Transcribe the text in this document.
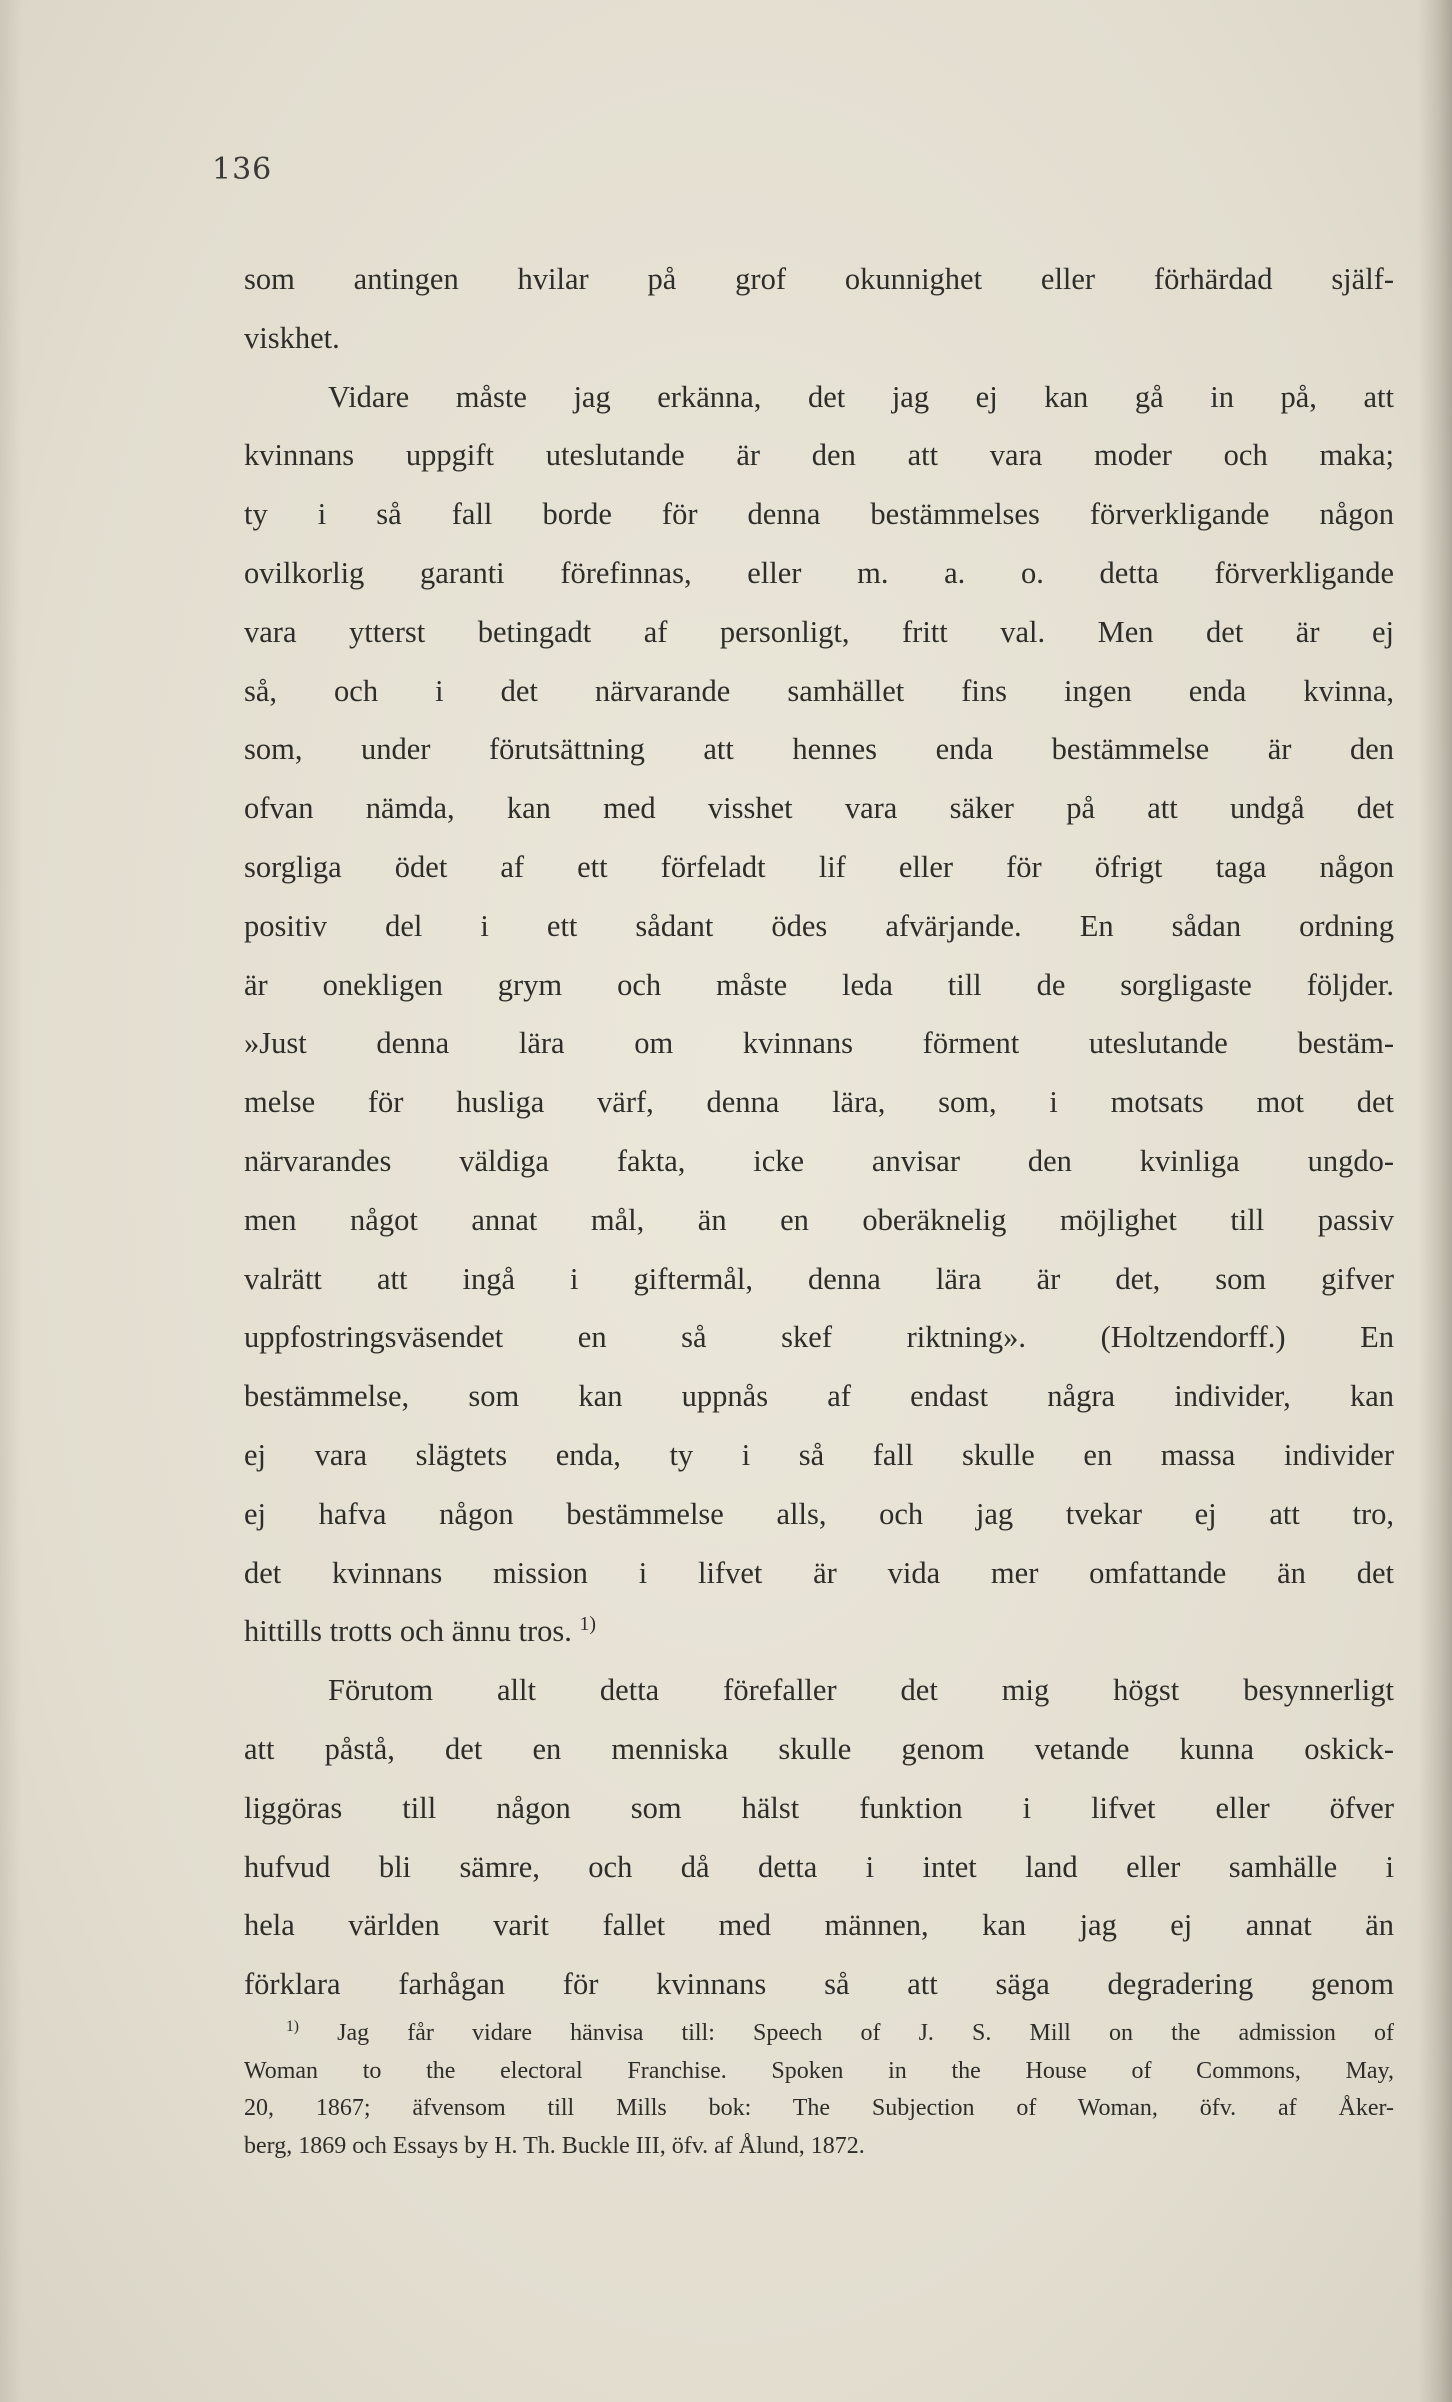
136
som antingen hvilar på grof okunnighet eller förhärdad själf-
viskhet.
Vidare måste jag erkänna, det jag ej kan gå in på, att
kvinnans uppgift uteslutande är den att vara moder och maka;
ty i så fall borde för denna bestämmelses förverkligande någon
ovilkorlig garanti förefinnas, eller m. a. o. detta förverkligande
vara ytterst betingadt af personligt, fritt val. Men det är ej
så, och i det närvarande samhället fins ingen enda kvinna,
som, under förutsättning att hennes enda bestämmelse är den
ofvan nämda, kan med visshet vara säker på att undgå det
sorgliga ödet af ett förfeladt lif eller för öfrigt taga någon
positiv del i ett sådant ödes afvärjande. En sådan ordning
är onekligen grym och måste leda till de sorgligaste följder.
»Just denna lära om kvinnans förment uteslutande bestäm-
melse för husliga värf, denna lära, som, i motsats mot det
närvarandes väldiga fakta, icke anvisar den kvinliga ungdo-
men något annat mål, än en oberäknelig möjlighet till passiv
valrätt att ingå i giftermål, denna lära är det, som gifver
uppfostringsväsendet en så skef riktning». (Holtzendorff.) En
bestämmelse, som kan uppnås af endast några individer, kan
ej vara slägtets enda, ty i så fall skulle en massa individer
ej hafva någon bestämmelse alls, och jag tvekar ej att tro,
det kvinnans mission i lifvet är vida mer omfattande än det
hittills trotts och ännu tros. $^{1)}$
Förutom allt detta förefaller det mig högst besynnerligt
att påstå, det en menniska skulle genom vetande kunna oskick-
liggöras till någon som hälst funktion i lifvet eller öfver
hufvud bli sämre, och då detta i intet land eller samhälle i
hela världen varit fallet med männen, kan jag ej annat än
förklara farhågan för kvinnans så att säga degradering genom
$^{1)}$ Jag får vidare hänvisa till: Speech of J. S. Mill on the admission of
Woman to the electoral Franchise. Spoken in the House of Commons, May,
20, 1867; äfvensom till Mills bok: The Subjection of Woman, öfv. af Åker-
berg, 1869 och Essays by H. Th. Buckle III, öfv. af Ålund, 1872.
